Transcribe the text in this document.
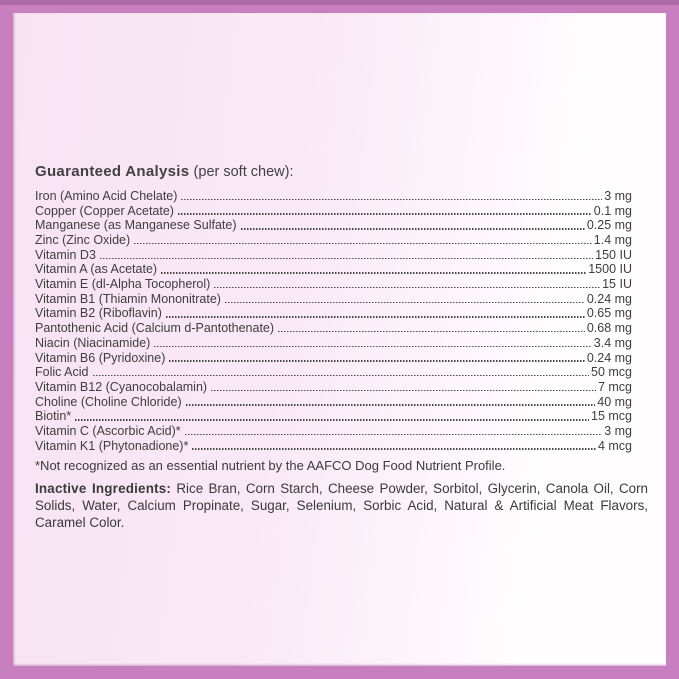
Guaranteed Analysis (per soft chew):
Iron (Amino Acid Chelate)	3 mg
Copper (Copper Acetate)	0.1 mg
Manganese (as Manganese Sulfate)	0.25 mg
Zinc (Zinc Oxide)	1.4 mg
Vitamin D3	150 IU
Vitamin A (as Acetate)	1500 IU
Vitamin E (dl-Alpha Tocopherol)	15 IU
Vitamin B1 (Thiamin Mononitrate)	0.24 mg
Vitamin B2 (Riboflavin)	0.65 mg
Pantothenic Acid (Calcium d-Pantothenate)	0.68 mg
Niacin (Niacinamide)	3.4 mg
Vitamin B6 (Pyridoxine)	0.24 mg
Folic Acid	50 mcg
Vitamin B12 (Cyanocobalamin)	7 mcg
Choline (Choline Chloride)	40 mg
Biotin*	15 mcg
Vitamin C (Ascorbic Acid)*	3 mg
Vitamin K1 (Phytonadione)*	4 mcg
*Not recognized as an essential nutrient by the AAFCO Dog Food Nutrient Profile.
Inactive Ingredients: Rice Bran, Corn Starch, Cheese Powder, Sorbitol, Glycerin, Canola Oil, Corn Solids, Water, Calcium Propinate, Sugar, Selenium, Sorbic Acid, Natural & Artificial Meat Flavors, Caramel Color.
